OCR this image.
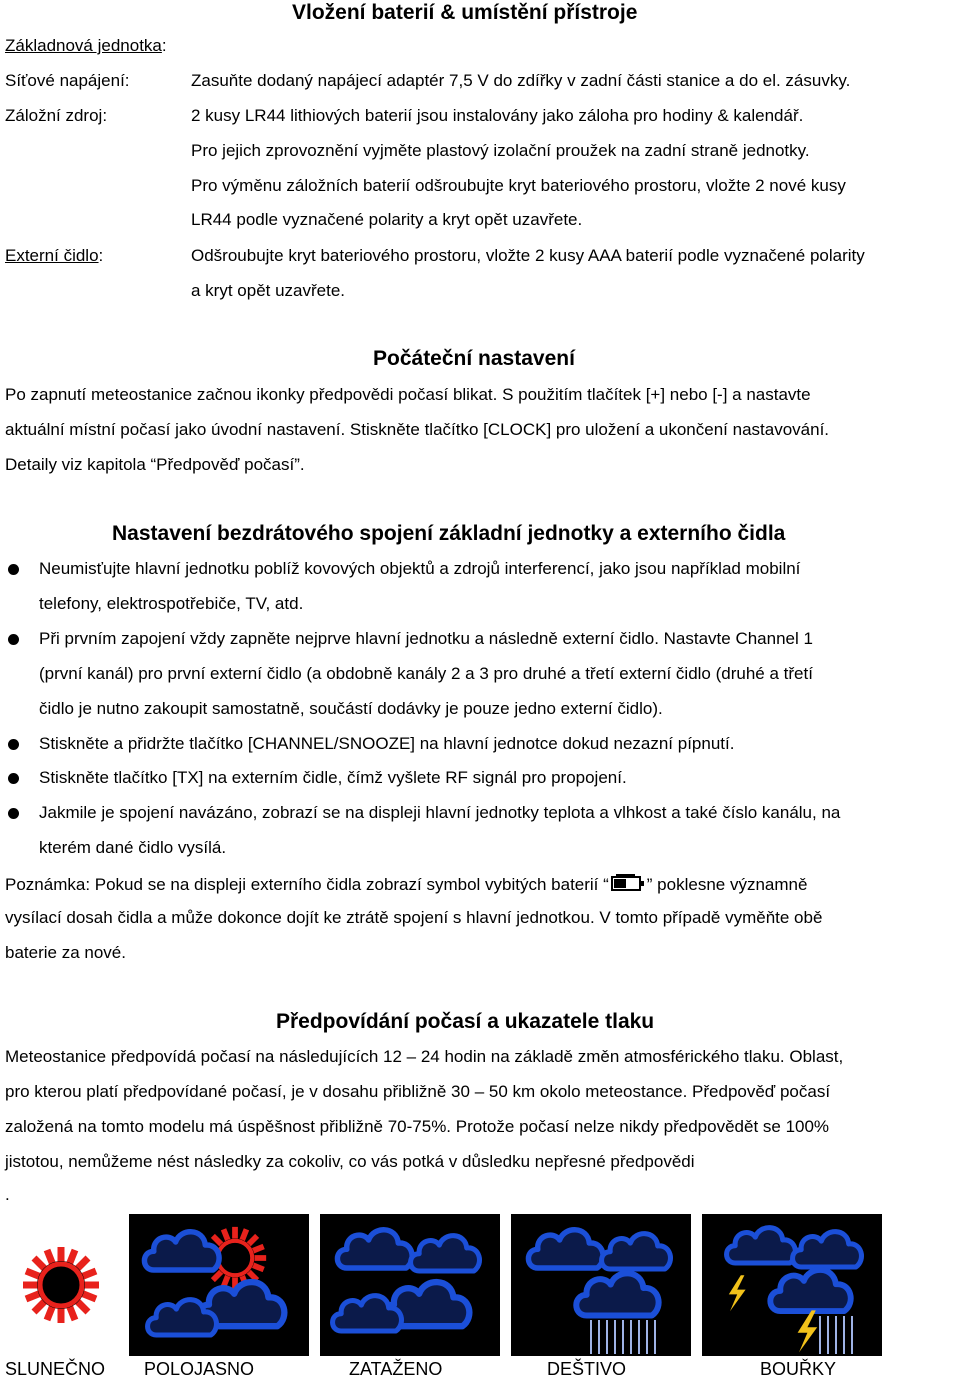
Vložení baterií & umístění přístroje
Základnová jednotka:
Síťové napájení:	Zasuňte dodaný napájecí adaptér 7,5 V do zdířky v zadní části stanice a do el. zásuvky.
Záložní zdroj:	2 kusy LR44 lithiových baterií jsou instalovány jako záloha pro hodiny & kalendář.
Pro jejich zprovoznění vyjměte plastový izolační proužek na zadní straně jednotky.
Pro výměnu záložních baterií odšroubujte kryt bateriového prostoru, vložte 2 nové kusy
LR44 podle vyznačené polarity a kryt opět uzavřete.
Externí čidlo:	Odšroubujte kryt bateriového prostoru, vložte 2 kusy AAA baterií podle vyznačené polarity
a kryt opět uzavřete.
Počáteční nastavení
Po zapnutí meteostanice začnou ikonky předpovědi počasí blikat. S použitím tlačítek [+] nebo [-] a nastavte
aktuální místní počasí jako úvodní nastavení. Stiskněte tlačítko [CLOCK] pro uložení a ukončení nastavování.
Detaily viz kapitola “Předpověď počasí”.
Nastavení bezdrátového spojení základní jednotky a externího čidla
Neumisťujte hlavní jednotku poblíž kovových objektů a zdrojů interferencí, jako jsou například mobilní
telefony, elektrospotřebiče, TV, atd.
Při prvním zapojení vždy zapněte nejprve hlavní jednotku a následně externí čidlo. Nastavte Channel 1
(první kanál) pro první externí čidlo (a obdobně kanály 2 a 3 pro druhé a třetí externí čidlo (druhé a třetí
čidlo je nutno zakoupit samostatně, součástí dodávky je pouze jedno externí čidlo).
Stiskněte a přidržte tlačítko [CHANNEL/SNOOZE] na hlavní jednotce dokud nezazní pípnutí.
Stiskněte tlačítko [TX] na externím čidle, čímž vyšlete RF signál pro propojení.
Jakmile je spojení navázáno, zobrazí se na displeji hlavní jednotky teplota a vlhkost a také číslo kanálu, na
kterém dané čidlo vysílá.
Poznámka: Pokud se na displeji externího čidla zobrazí symbol vybitých baterií “ ” poklesne významně
vysílací dosah čidla a může dokonce dojít ke ztrátě spojení s hlavní jednotkou. V tomto případě vyměňte obě
baterie za nové.
Předpovídání počasí a ukazatele tlaku
Meteostanice předpovídá počasí na následujících 12 – 24 hodin na základě změn atmosférického tlaku. Oblast,
pro kterou platí předpovídané počasí, je v dosahu přibližně 30 – 50 km okolo meteostance. Předpověď počasí
založená na tomto modelu má úspěšnost přibližně 70-75%. Protože počasí nelze nikdy předpovědět se 100%
jistotou, nemůžeme nést následky za cokoliv, co vás potká v důsledku nepřesné předpovědi
.
SLUNEČNO POLOJASNO	ZATAŽENO	DEŠTIVO	BOUŘKY
